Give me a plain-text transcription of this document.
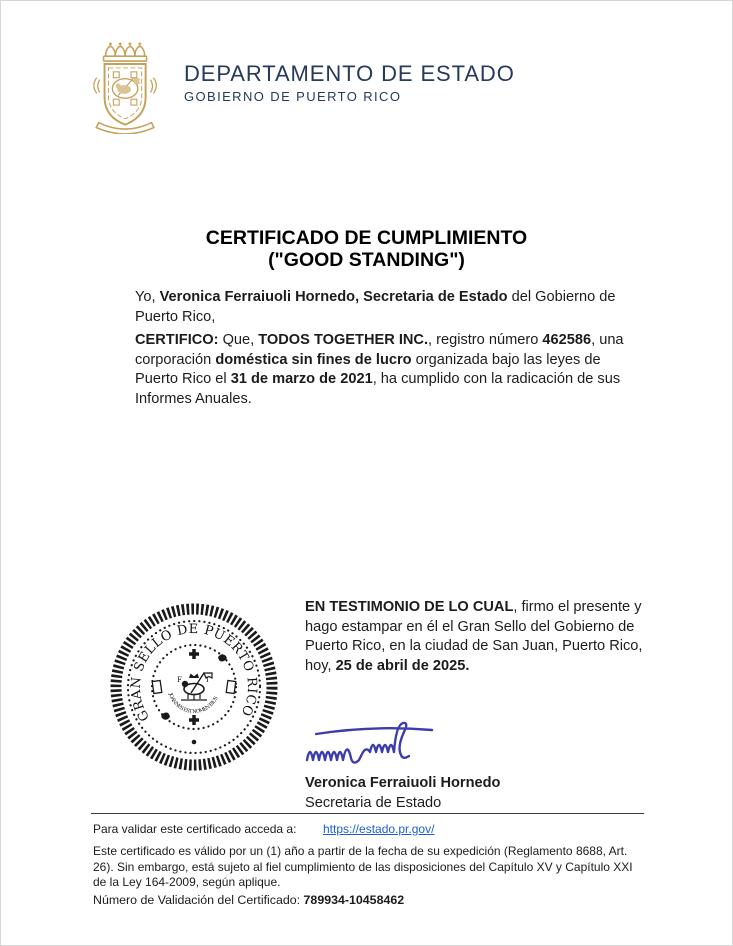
DEPARTAMENTO DE ESTADO
GOBIERNO DE PUERTO RICO
CERTIFICADO DE CUMPLIMIENTO
("GOOD STANDING")

Yo, Veronica Ferraiuoli Hornedo, Secretaria de Estado del Gobierno de Puerto Rico,

CERTIFICO: Que, TODOS TOGETHER INC., registro número 462586, una corporación doméstica sin fines de lucro organizada bajo las leyes de Puerto Rico el 31 de marzo de 2021, ha cumplido con la radicación de sus Informes Anuales.

GRAN SELLO DE PUERTO RICO
JOANNES EST NOMEN EIUS
F	I

EN TESTIMONIO DE LO CUAL, firmo el presente y hago estampar en él el Gran Sello del Gobierno de Puerto Rico, en la ciudad de San Juan, Puerto Rico, hoy, 25 de abril de 2025.

Veronica Ferraiuoli Hornedo
Secretaria de Estado
Para validar este certificado acceda a: https://estado.pr.gov/

Este certificado es válido por un (1) año a partir de la fecha de su expedición (Reglamento 8688, Art. 26). Sin embargo, está sujeto al fiel cumplimiento de las disposiciones del Capítulo XV y Capítulo XXI de la Ley 164-2009, según aplique.

Número de Validación del Certificado: 789934-10458462
